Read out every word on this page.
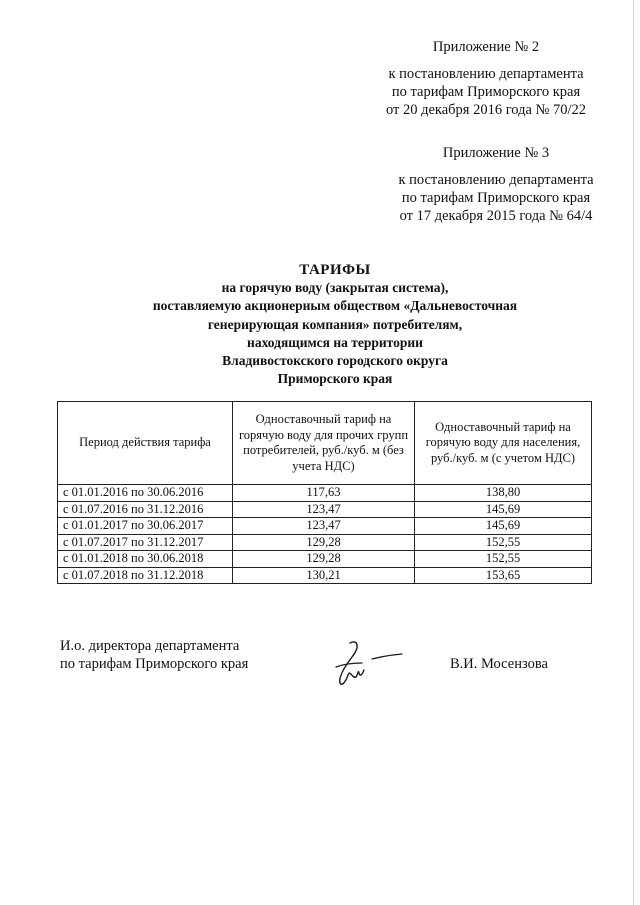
Приложение № 2
к постановлению департамента
по тарифам Приморского края
от 20 декабря 2016 года № 70/22
Приложение № 3
к постановлению департамента
по тарифам Приморского края
от 17 декабря 2015 года № 64/4
ТАРИФЫ
на горячую воду (закрытая система),
поставляемую акционерным обществом «Дальневосточная
генерирующая компания» потребителям,
находящимся на территории
Владивостокского городского округа
Приморского края
Период действия тарифа	Одноставочный тариф на горячую воду для прочих групп потребителей, руб./куб. м (без учета НДС)	Одноставочный тариф на горячую воду для населения, руб./куб. м (с учетом НДС)
с 01.01.2016 по 30.06.2016	117,63	138,80
с 01.07.2016 по 31.12.2016	123,47	145,69
с 01.01.2017 по 30.06.2017	123,47	145,69
с 01.07.2017 по 31.12.2017	129,28	152,55
с 01.01.2018 по 30.06.2018	129,28	152,55
с 01.07.2018 по 31.12.2018	130,21	153,65
И.о. директора департамента
по тарифам Приморского края	В.И. Мосензова
